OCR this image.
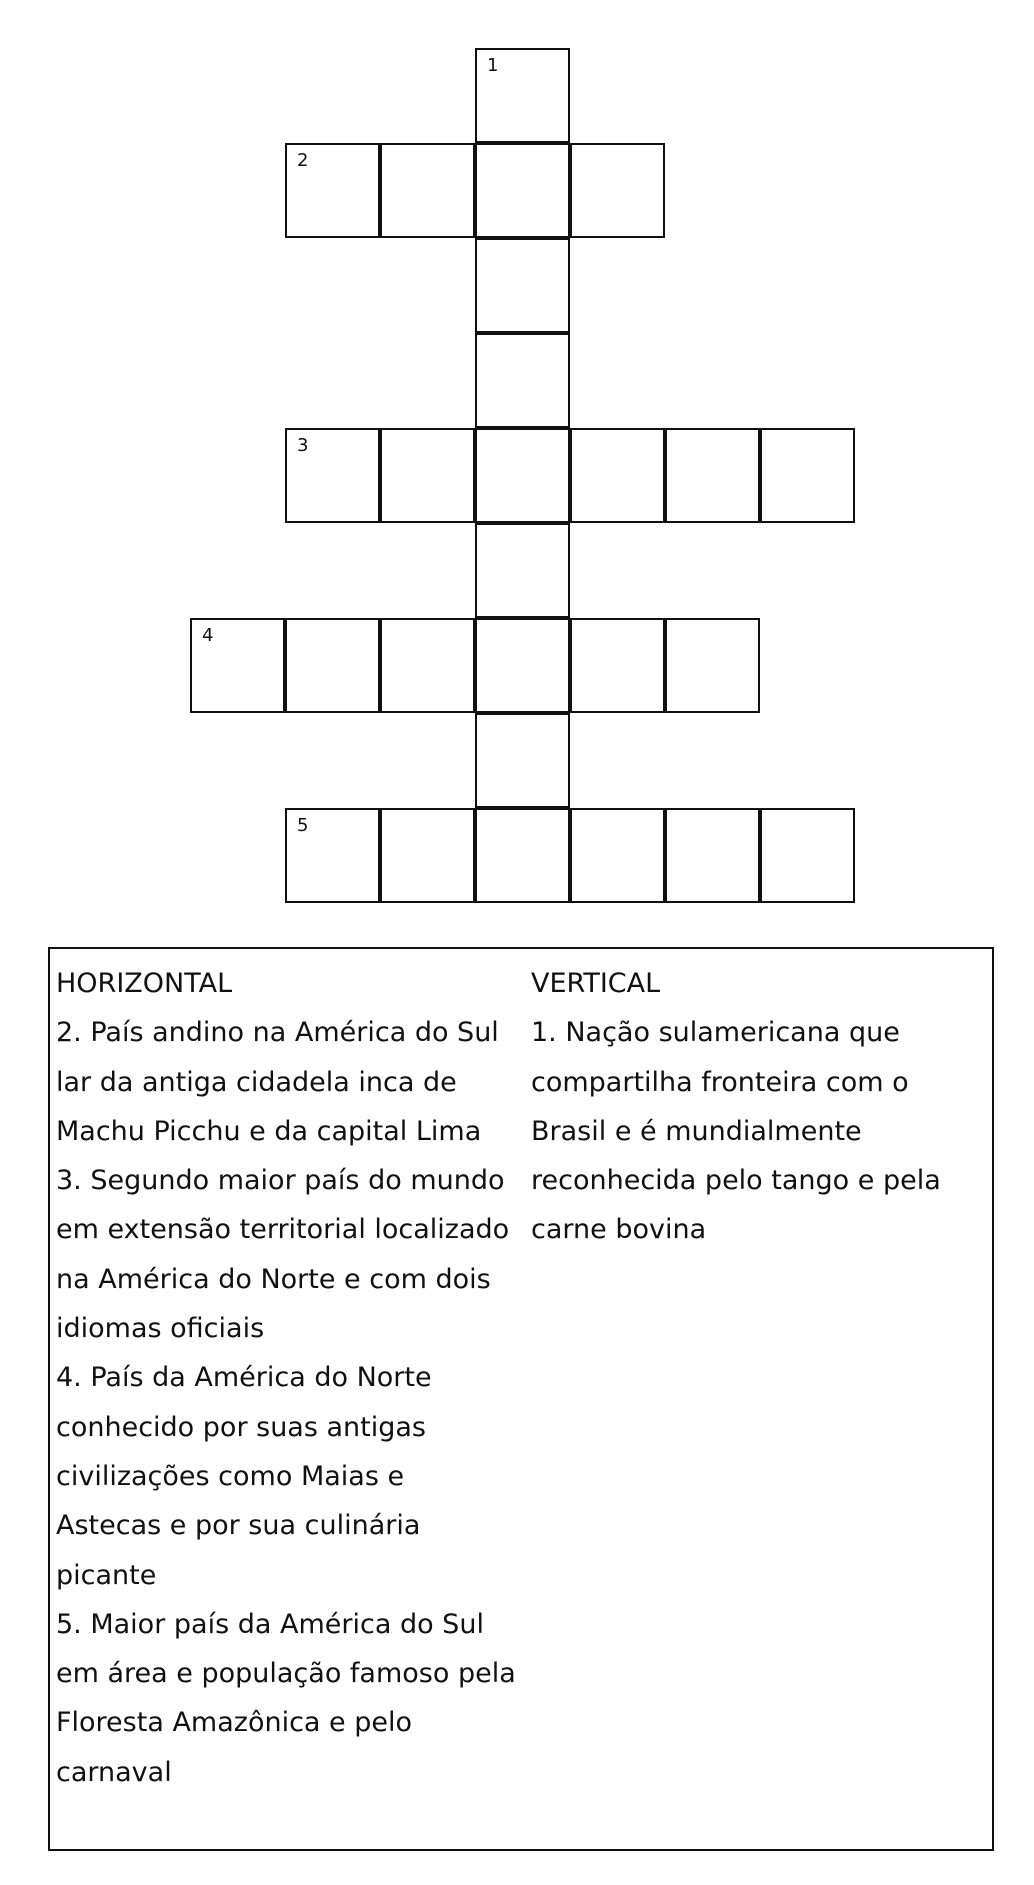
1
2
3
4
5
HORIZONTAL
2. País andino na América do Sul
lar da antiga cidadela inca de
Machu Picchu e da capital Lima
3. Segundo maior país do mundo
em extensão territorial localizado
na América do Norte e com dois
idiomas oficiais
4. País da América do Norte
conhecido por suas antigas
civilizações como Maias e
Astecas e por sua culinária
picante
5. Maior país da América do Sul
em área e população famoso pela
Floresta Amazônica e pelo
carnaval
VERTICAL
1. Nação sulamericana que
compartilha fronteira com o
Brasil e é mundialmente
reconhecida pelo tango e pela
carne bovina
